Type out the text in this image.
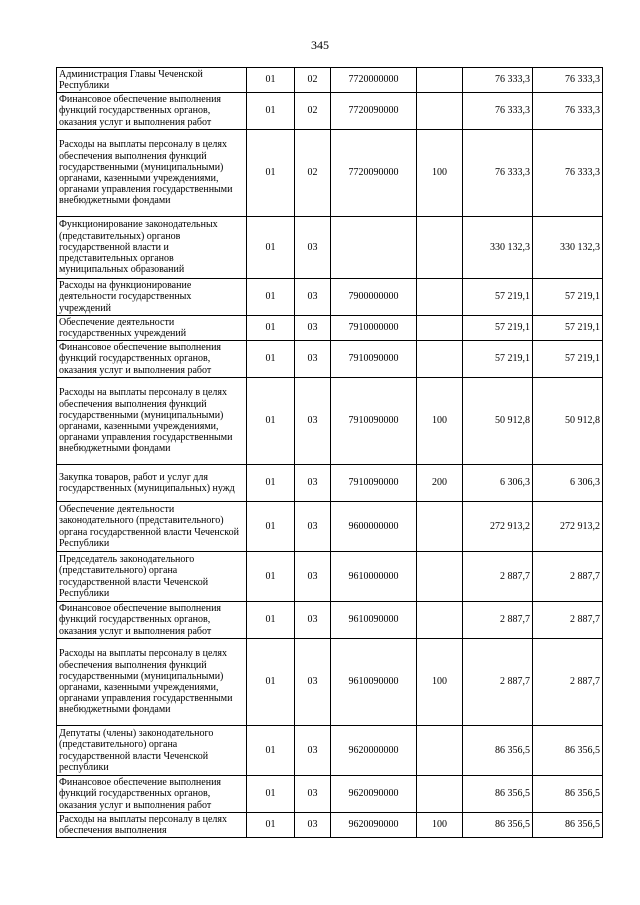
345
Администрация Главы Чеченской Республики	01	02	7720000000		76 333,3	76 333,3
Финансовое обеспечение выполнения функций государственных органов, оказания услуг и выполнения работ	01	02	7720090000		76 333,3	76 333,3
Расходы на выплаты персоналу в целях обеспечения выполнения функций государственными (муниципальными) органами, казенными учреждениями, органами управления государственными внебюджетными фондами	01	02	7720090000	100	76 333,3	76 333,3
Функционирование законодательных (представительных) органов государственной власти и представительных органов муниципальных образований	01	03			330 132,3	330 132,3
Расходы на функционирование деятельности государственных учреждений	01	03	7900000000		57 219,1	57 219,1
Обеспечение деятельности государственных учреждений	01	03	7910000000		57 219,1	57 219,1
Финансовое обеспечение выполнения функций государственных органов, оказания услуг и выполнения работ	01	03	7910090000		57 219,1	57 219,1
Расходы на выплаты персоналу в целях обеспечения выполнения функций государственными (муниципальными) органами, казенными учреждениями, органами управления государственными внебюджетными фондами	01	03	7910090000	100	50 912,8	50 912,8
Закупка товаров, работ и услуг для государственных (муниципальных) нужд	01	03	7910090000	200	6 306,3	6 306,3
Обеспечение деятельности законодательного (представительного) органа государственной власти Чеченской Республики	01	03	9600000000		272 913,2	272 913,2
Председатель законодательного (представительного) органа государственной власти Чеченской Республики	01	03	9610000000		2 887,7	2 887,7
Финансовое обеспечение выполнения функций государственных органов, оказания услуг и выполнения работ	01	03	9610090000		2 887,7	2 887,7
Расходы на выплаты персоналу в целях обеспечения выполнения функций государственными (муниципальными) органами, казенными учреждениями, органами управления государственными внебюджетными фондами	01	03	9610090000	100	2 887,7	2 887,7
Депутаты (члены) законодательного (представительного) органа государственной власти Чеченской республики	01	03	9620000000		86 356,5	86 356,5
Финансовое обеспечение выполнения функций государственных органов, оказания услуг и выполнения работ	01	03	9620090000		86 356,5	86 356,5
Расходы на выплаты персоналу в целях обеспечения выполнения	01	03	9620090000	100	86 356,5	86 356,5
